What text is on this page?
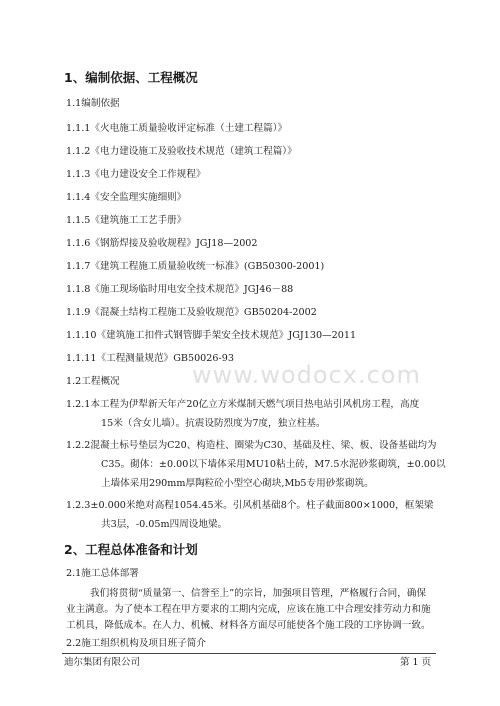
1、编制依据、工程概况
1.1编制依据
1.1.1《火电施工质量验收评定标准（土建工程篇）》
1.1.2《电力建设施工及验收技术规范（建筑工程篇）》
1.1.3《电力建设安全工作规程》
1.1.4《安全监理实施细则》
1.1.5《建筑施工工艺手册》
1.1.6《钢筋焊接及验收规程》JGJ18—2002
1.1.7《建筑工程施工质量验收统一标准》(GB50300-2001)
1.1.8《施工现场临时用电安全技术规范》JGJ46－88
1.1.9《混凝土结构工程施工及验收规范》GB50204-2002
1.1.10《建筑施工扣件式钢管脚手架安全技术规范》JGJ130—2011
1.1.11《工程测量规范》GB50026-93
www.wodocx.com
1.2工程概况
1.2.1本工程为伊犁新天年产20亿立方米煤制天燃气项目热电站引风机房工程，高度
15米（含女儿墙）。抗震设防烈度为7度，独立柱基。
1.2.2混凝土标号垫层为C20、构造柱、圈梁为C30、基础及柱、梁、板、设备基础均为
C35。砌体：±0.00以下墙体采用MU10粘土砖，M7.5水泥砂浆砌筑，±0.00以
上墙体采用290mm厚陶粒砼小型空心砌块,Mb5专用砂浆砌筑。
1.2.3±0.000米绝对高程1054.45米。引风机基础8个。柱子截面800×1000，框架梁
共3层，-0.05m四周设地梁。
2、工程总体准备和计划
2.1施工总体部署
我们将贯彻“质量第一、信誉至上”的宗旨，加强项目管理，严格履行合同，确保
业主满意。为了使本工程在甲方要求的工期内完成，应该在施工中合理安排劳动力和施
工机具，降低成本。在人力、机械、材料各方面尽可能使各个施工段的工序协调一致。
2.2施工组织机构及项目班子简介
迪尔集团有限公司	第 1 页
